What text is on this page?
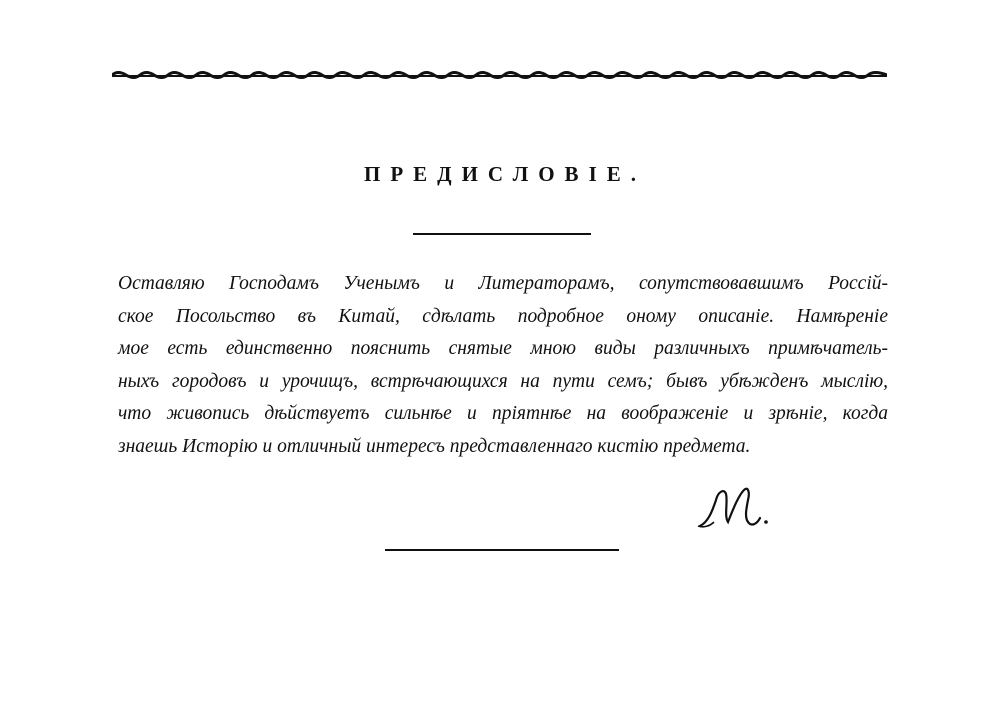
ПРЕДИСЛОВІЕ.
Оставляю Господамъ Ученымъ и Литераторамъ, сопутствовавшимъ Россій-
ское Посольство въ Китай, сдѣлать подробное оному описаніе. Намѣреніе
мое есть единственно пояснить снятые мною виды различныхъ примѣчатель-
ныхъ городовъ и урочищъ, встрѣчающихся на пути семъ; бывъ убѣжденъ мыслію,
что живопись дѣйствуетъ сильнѣе и пріятнѣе на воображеніе и зрѣніе, когда
знаешь Исторію и отличный интересъ представленнаго кистію предмета.
